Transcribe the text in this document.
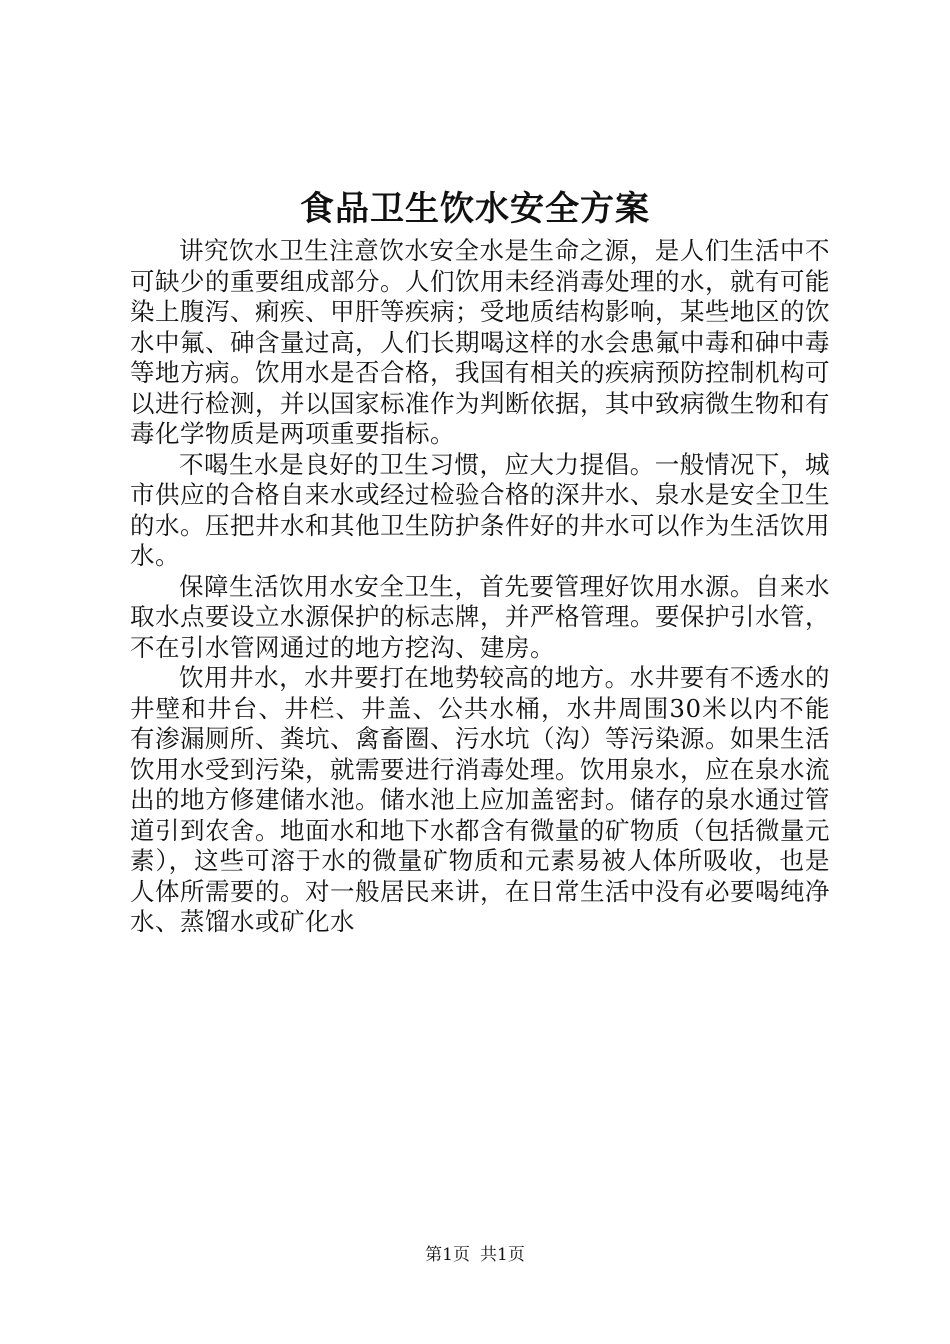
食品卫生饮水安全方案

讲究饮水卫生注意饮水安全水是生命之源，是人们生活中不可缺少的重要组成部分。人们饮用未经消毒处理的水，就有可能染上腹泻、痢疾、甲肝等疾病；受地质结构影响，某些地区的饮水中氟、砷含量过高，人们长期喝这样的水会患氟中毒和砷中毒等地方病。饮用水是否合格，我国有相关的疾病预防控制机构可以进行检测，并以国家标准作为判断依据，其中致病微生物和有毒化学物质是两项重要指标。

不喝生水是良好的卫生习惯，应大力提倡。一般情况下，城市供应的合格自来水或经过检验合格的深井水、泉水是安全卫生的水。压把井水和其他卫生防护条件好的井水可以作为生活饮用水。

保障生活饮用水安全卫生，首先要管理好饮用水源。自来水取水点要设立水源保护的标志牌，并严格管理。要保护引水管，不在引水管网通过的地方挖沟、建房。

饮用井水，水井要打在地势较高的地方。水井要有不透水的井壁和井台、井栏、井盖、公共水桶，水井周围30米以内不能有渗漏厕所、粪坑、禽畜圈、污水坑（沟）等污染源。如果生活饮用水受到污染，就需要进行消毒处理。饮用泉水，应在泉水流出的地方修建储水池。储水池上应加盖密封。储存的泉水通过管道引到农舍。地面水和地下水都含有微量的矿物质（包括微量元素），这些可溶于水的微量矿物质和元素易被人体所吸收，也是人体所需要的。对一般居民来讲，在日常生活中没有必要喝纯净水、蒸馏水或矿化水

第1页 共1页
